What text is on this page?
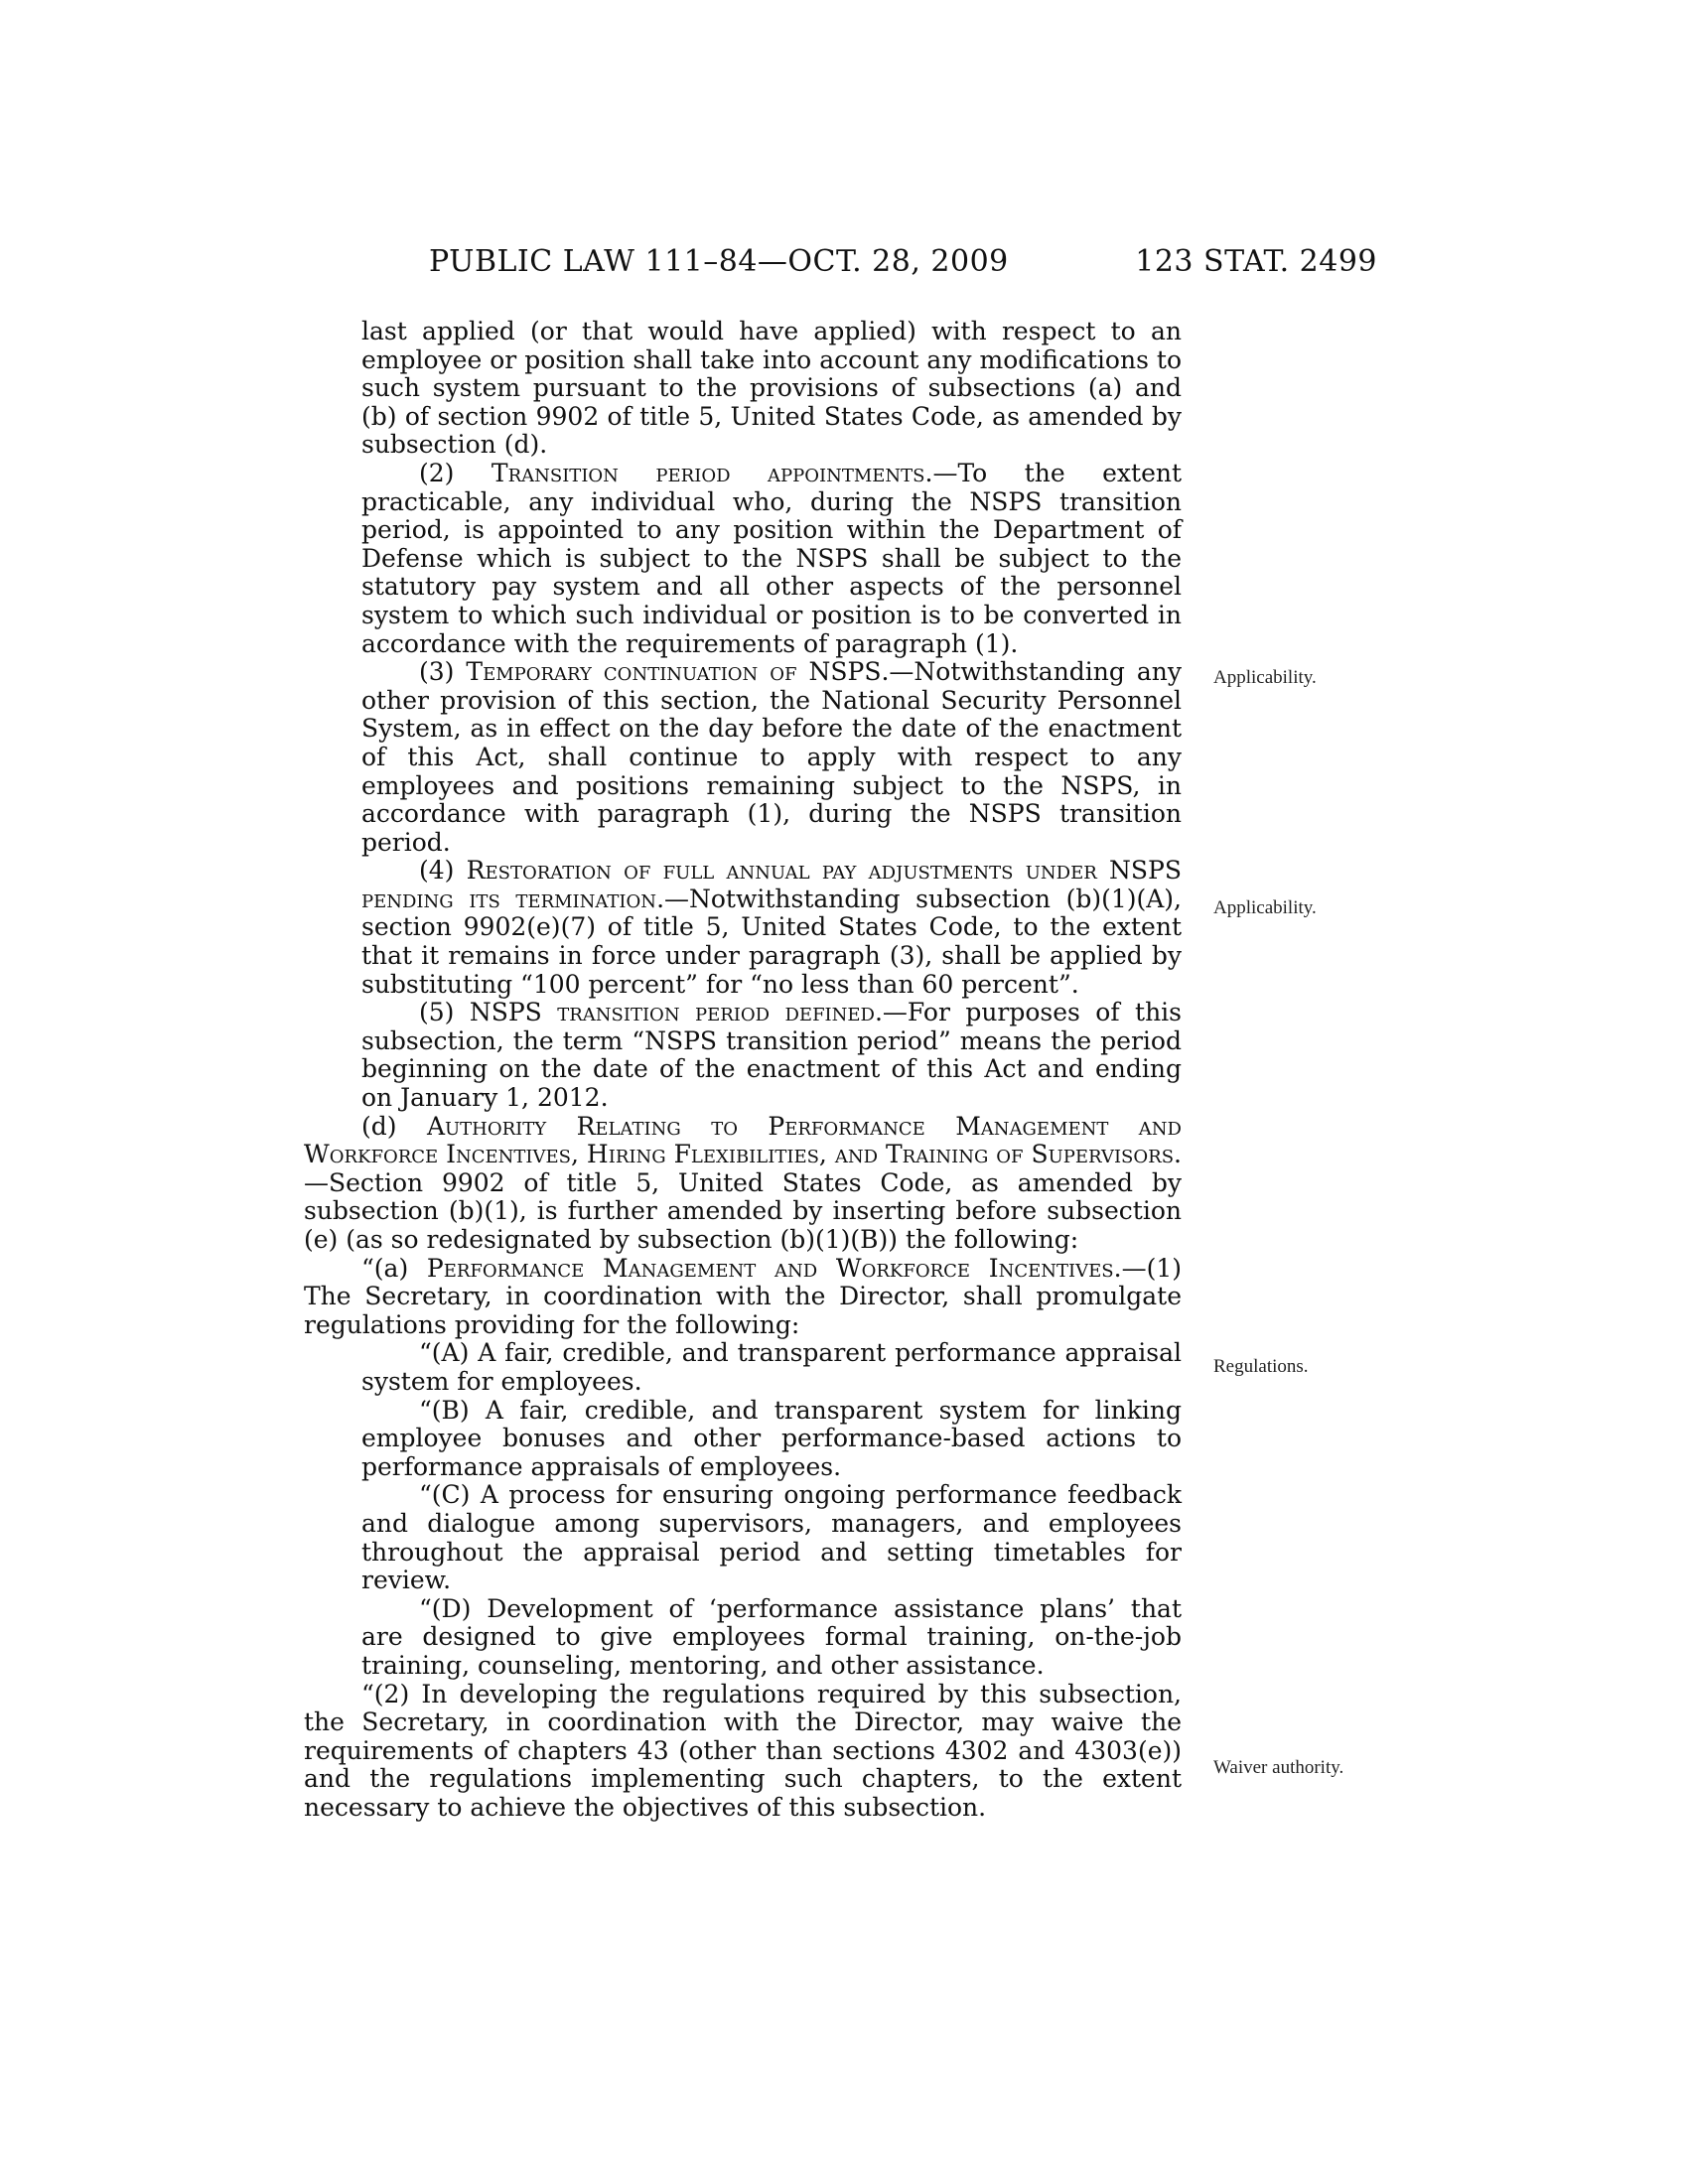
PUBLIC LAW 111–84—OCT. 28, 2009	123 STAT. 2499

last applied (or that would have applied) with respect to an employee or position shall take into account any modifications to such system pursuant to the provisions of subsections (a) and (b) of section 9902 of title 5, United States Code, as amended by subsection (d).

(2) Transition period appointments.—To the extent practicable, any individual who, during the NSPS transition period, is appointed to any position within the Department of Defense which is subject to the NSPS shall be subject to the statutory pay system and all other aspects of the personnel system to which such individual or position is to be converted in accordance with the requirements of paragraph (1).

(3) Temporary continuation of NSPS.—Notwithstanding any other provision of this section, the National Security Personnel System, as in effect on the day before the date of the enactment of this Act, shall continue to apply with respect to any employees and positions remaining subject to the NSPS, in accordance with paragraph (1), during the NSPS transition period.

(4) Restoration of full annual pay adjustments under NSPS pending its termination.—Notwithstanding subsection (b)(1)(A), section 9902(e)(7) of title 5, United States Code, to the extent that it remains in force under paragraph (3), shall be applied by substituting “100 percent” for “no less than 60 percent”.

(5) NSPS transition period defined.—For purposes of this subsection, the term “NSPS transition period” means the period beginning on the date of the enactment of this Act and ending on January 1, 2012.

(d) Authority Relating to Performance Management and Workforce Incentives, Hiring Flexibilities, and Training of Supervisors.—Section 9902 of title 5, United States Code, as amended by subsection (b)(1), is further amended by inserting before subsection (e) (as so redesignated by subsection (b)(1)(B)) the following:

“(a) Performance Management and Workforce Incentives.—(1) The Secretary, in coordination with the Director, shall promulgate regulations providing for the following:

“(A) A fair, credible, and transparent performance appraisal system for employees.

“(B) A fair, credible, and transparent system for linking employee bonuses and other performance-based actions to performance appraisals of employees.

“(C) A process for ensuring ongoing performance feedback and dialogue among supervisors, managers, and employees throughout the appraisal period and setting timetables for review.

“(D) Development of ‘performance assistance plans’ that are designed to give employees formal training, on-the-job training, counseling, mentoring, and other assistance.

“(2) In developing the regulations required by this subsection, the Secretary, in coordination with the Director, may waive the requirements of chapters 43 (other than sections 4302 and 4303(e)) and the regulations implementing such chapters, to the extent necessary to achieve the objectives of this subsection.

Applicability.
Applicability.
Regulations.
Waiver authority.
